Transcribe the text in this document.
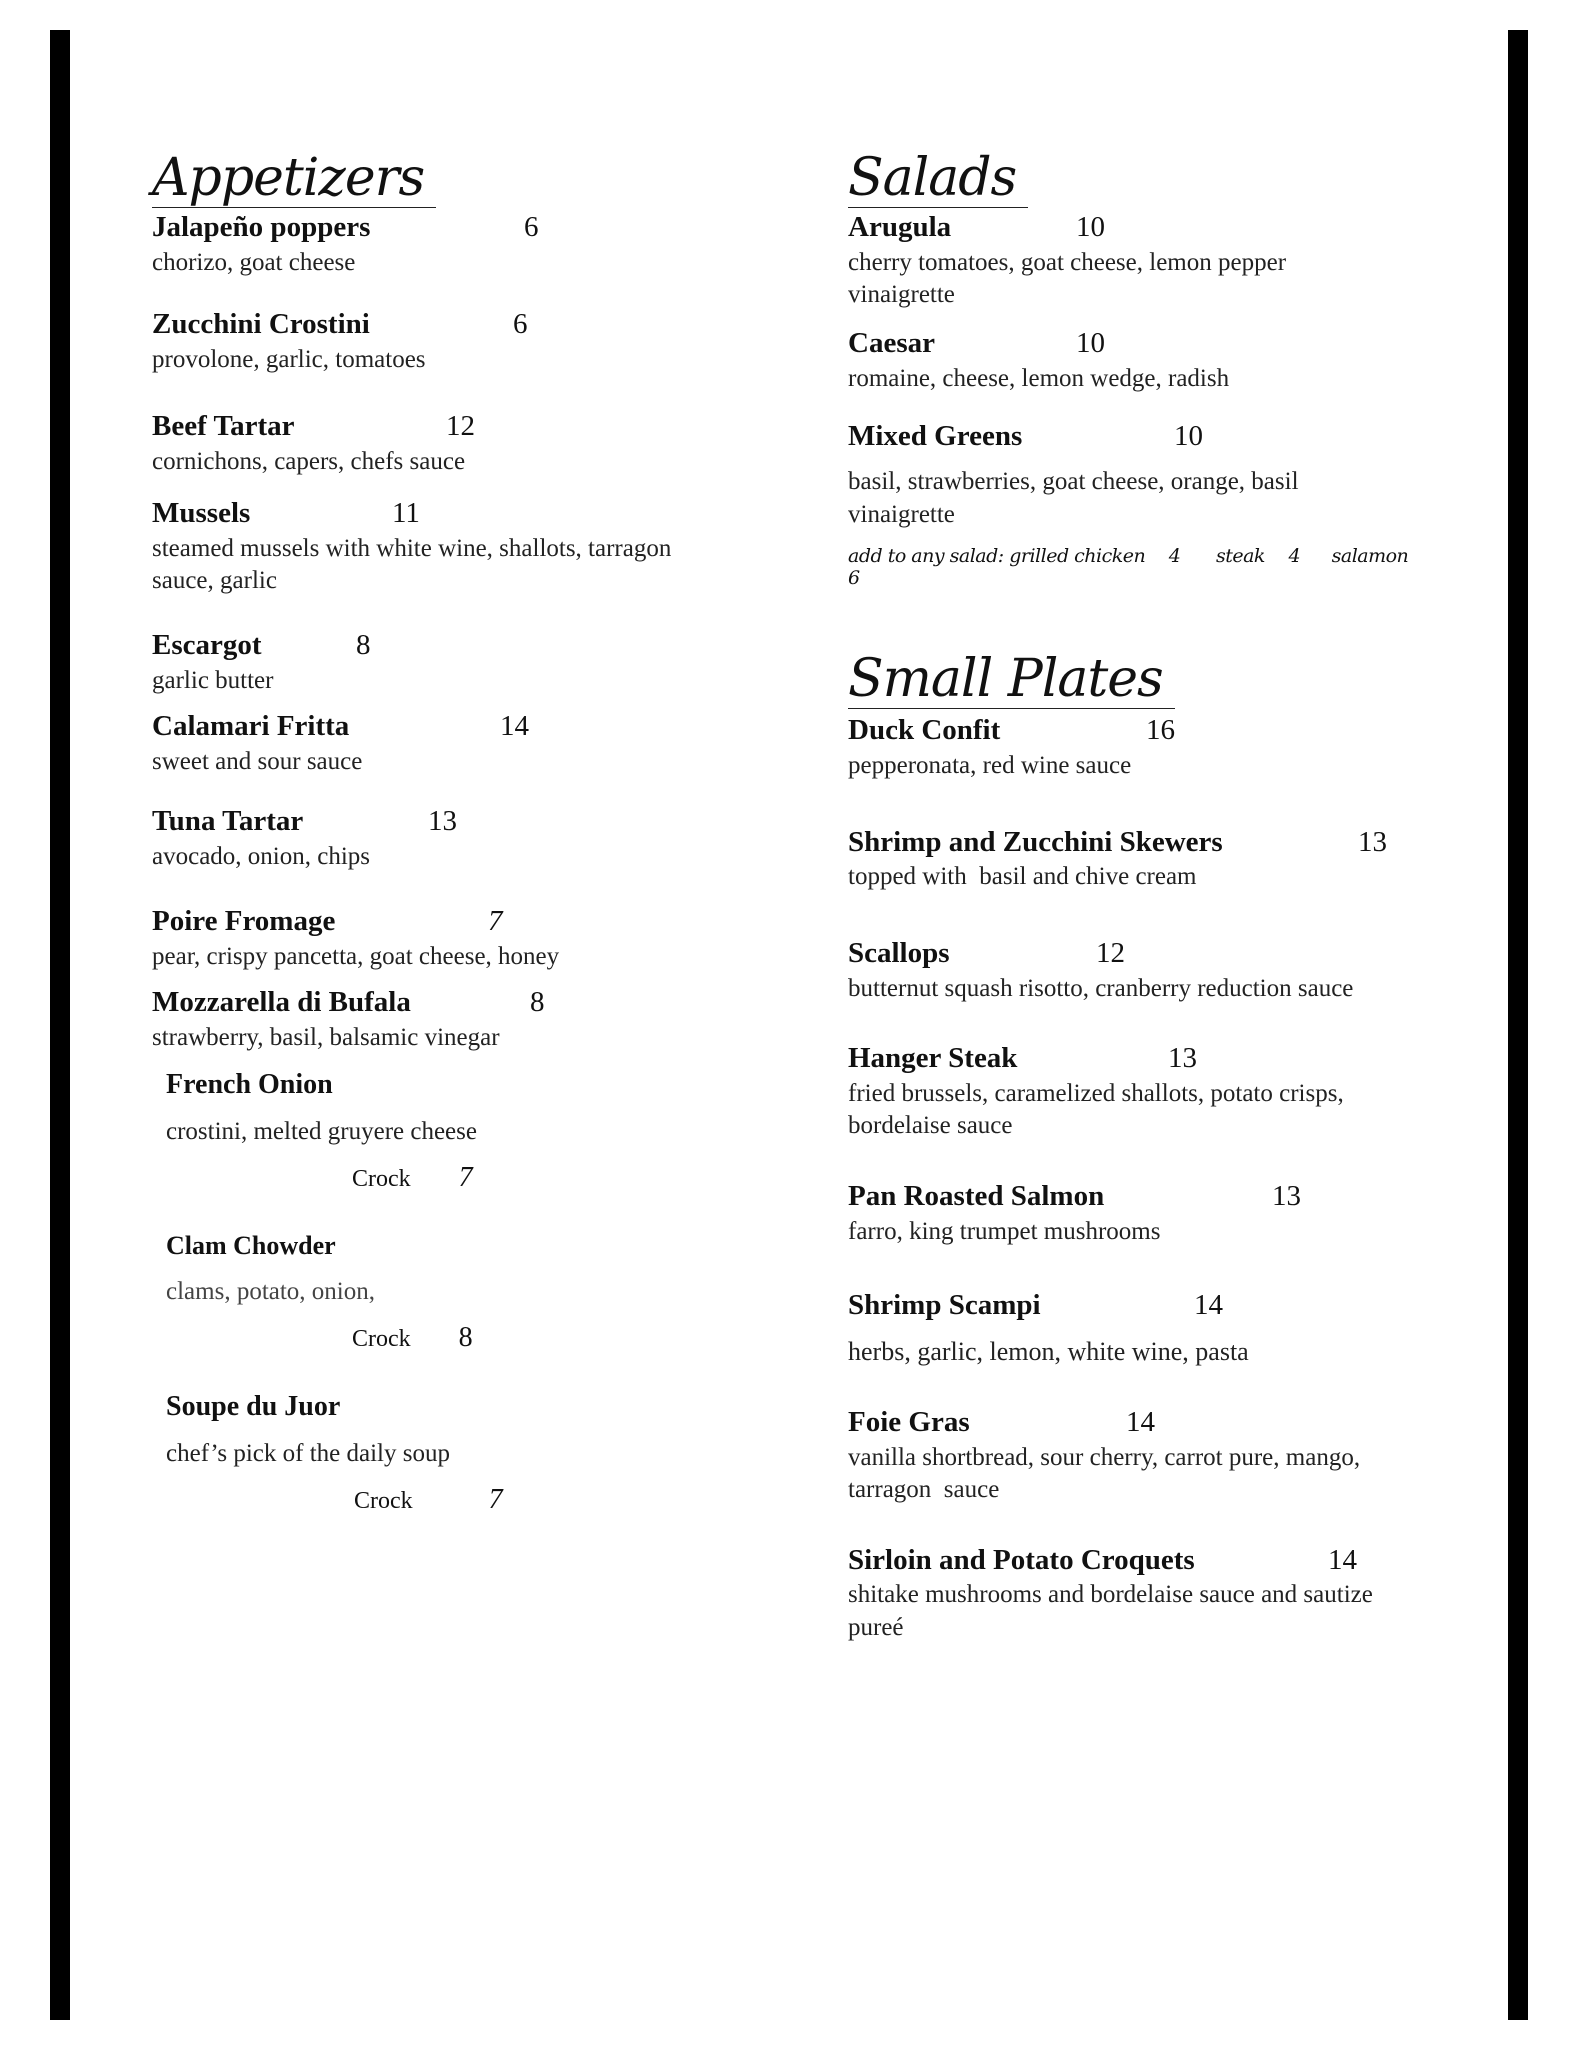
Appetizers
Jalapeño poppers	6

chorizo, goat cheese

Zucchini Crostini	6

provolone, garlic, tomatoes

Beef Tartar	12

cornichons, capers, chefs sauce

Mussels	11

steamed mussels with white wine, shallots, tarragon sauce, garlic

Escargot	8

garlic butter

Calamari Fritta	14

sweet and sour sauce

Tuna Tartar	13

avocado, onion, chips

Poire Fromage	7

pear, crispy pancetta, goat cheese, honey

Mozzarella di Bufala	8

strawberry, basil, balsamic vinegar

French Onion

crostini, melted gruyere cheese

Crock 7
Clam Chowder

clams, potato, onion,

Crock 8
Soupe du Juor

chef’s pick of the daily soup

Crock	7
Salads
Arugula	10

cherry tomatoes, goat cheese, lemon pepper vinaigrette

Caesar	10

romaine, cheese, lemon wedge, radish

Mixed Greens	10

basil, strawberries, goat cheese, orange, basil vinaigrette

add to any salad: grilled chicken 4 steak 4 salamon 6
Small Plates
Duck Confit	16

pepperonata, red wine sauce

Shrimp and Zucchini Skewers	13

topped with  basil and chive cream

Scallops	12

butternut squash risotto, cranberry reduction sauce

Hanger Steak	13

fried brussels, caramelized shallots, potato crisps,

bordelaise sauce

Pan Roasted Salmon	13

farro, king trumpet mushrooms

Shrimp Scampi	14

herbs, garlic, lemon, white wine, pasta

Foie Gras	14

vanilla shortbread, sour cherry, carrot pure, mango,

tarragon  sauce

Sirloin and Potato Croquets	14

shitake mushrooms and bordelaise sauce and sautize pureé
